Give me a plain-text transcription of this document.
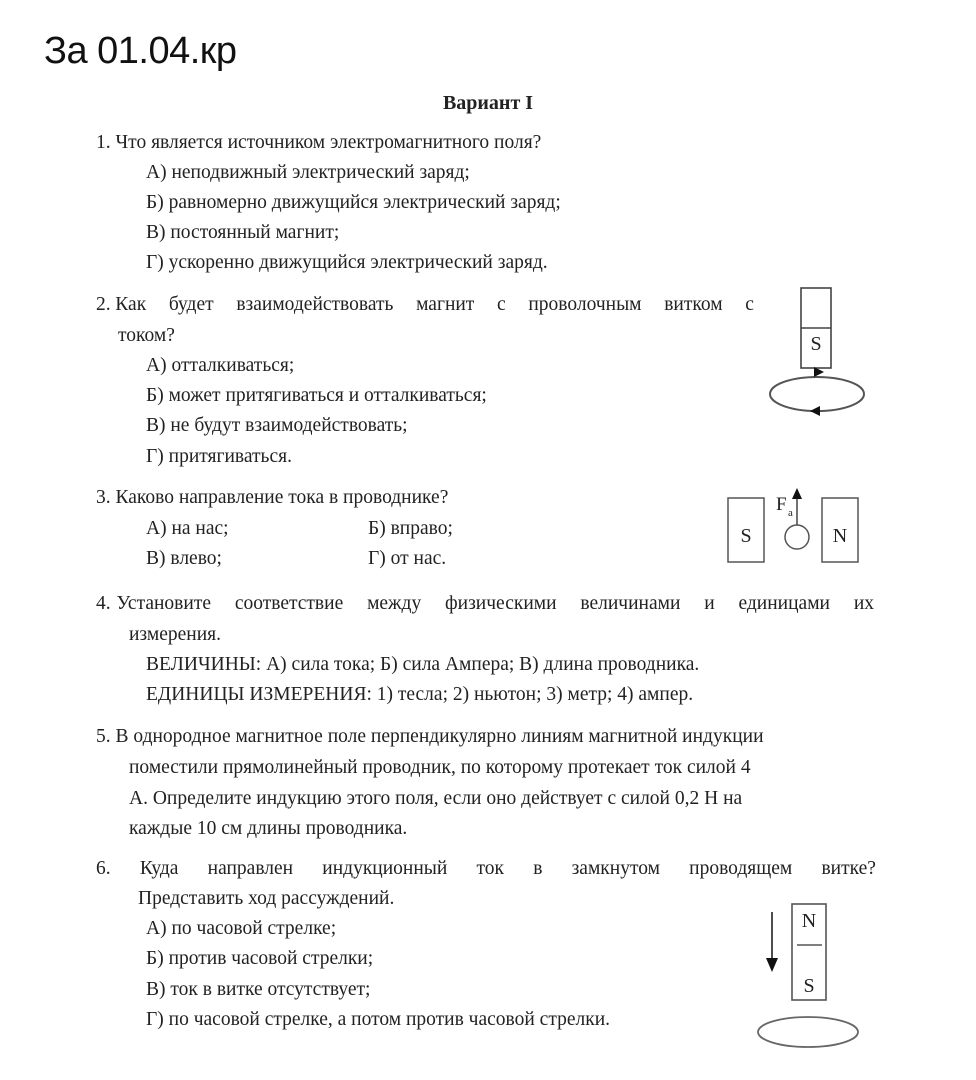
За 01.04.кр
Вариант I
1. Что является источником электромагнитного поля?
А) неподвижный электрический заряд;
Б) равномерно движущийся электрический заряд;
В) постоянный магнит;
Г) ускоренно движущийся электрический заряд.
2. Как будет взаимодействовать магнит с проволочным витком с
током?
А) отталкиваться;
Б) может притягиваться и отталкиваться;
В) не будут взаимодействовать;
Г) притягиваться.
S
3. Каково направление тока в проводнике?
А) на нас;	Б) вправо;
В) влево;	Г) от нас.
S	N
F a
4. Установите соответствие между физическими величинами и единицами их
измерения.
ВЕЛИЧИНЫ: А) сила тока; Б) сила Ампера; В) длина проводника.
ЕДИНИЦЫ ИЗМЕРЕНИЯ: 1) тесла; 2) ньютон; 3) метр; 4) ампер.
5. В однородное магнитное поле перпендикулярно линиям магнитной индукции
поместили прямолинейный проводник, по которому протекает ток силой 4
А. Определите индукцию этого поля, если оно действует с силой 0,2 Н на
каждые 10 см длины проводника.
6. Куда направлен индукционный ток в замкнутом проводящем витке?
Представить ход рассуждений.
А) по часовой стрелке;
Б) против часовой стрелки;
В) ток в витке отсутствует;
Г) по часовой стрелке, а потом против часовой стрелки.
N
S
